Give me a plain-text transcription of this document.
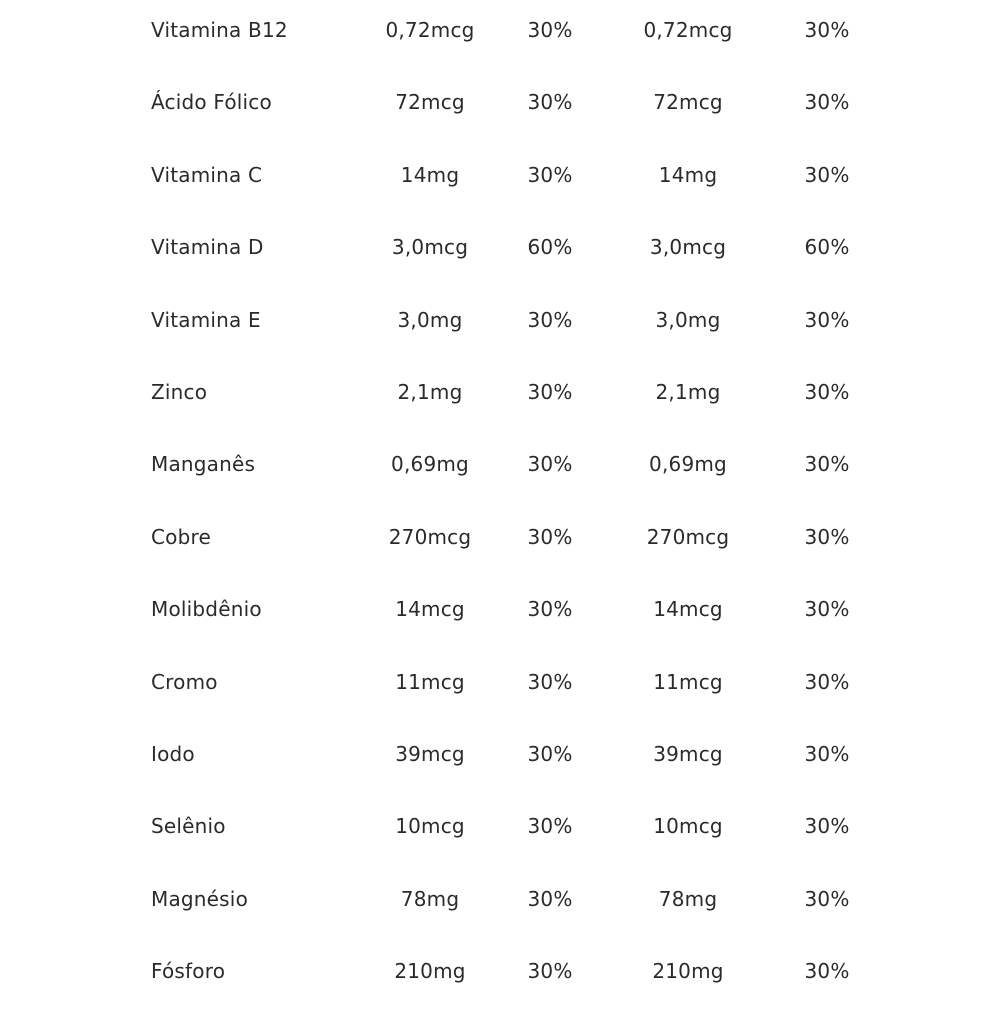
Vitamina B12	0,72mcg	30%	0,72mcg	30%
Ácido Fólico	72mcg	30%	72mcg	30%
Vitamina C	14mg	30%	14mg	30%
Vitamina D	3,0mcg	60%	3,0mcg	60%
Vitamina E	3,0mg	30%	3,0mg	30%
Zinco	2,1mg	30%	2,1mg	30%
Manganês	0,69mg	30%	0,69mg	30%
Cobre	270mcg	30%	270mcg	30%
Molibdênio	14mcg	30%	14mcg	30%
Cromo	11mcg	30%	11mcg	30%
Iodo	39mcg	30%	39mcg	30%
Selênio	10mcg	30%	10mcg	30%
Magnésio	78mg	30%	78mg	30%
Fósforo	210mg	30%	210mg	30%
